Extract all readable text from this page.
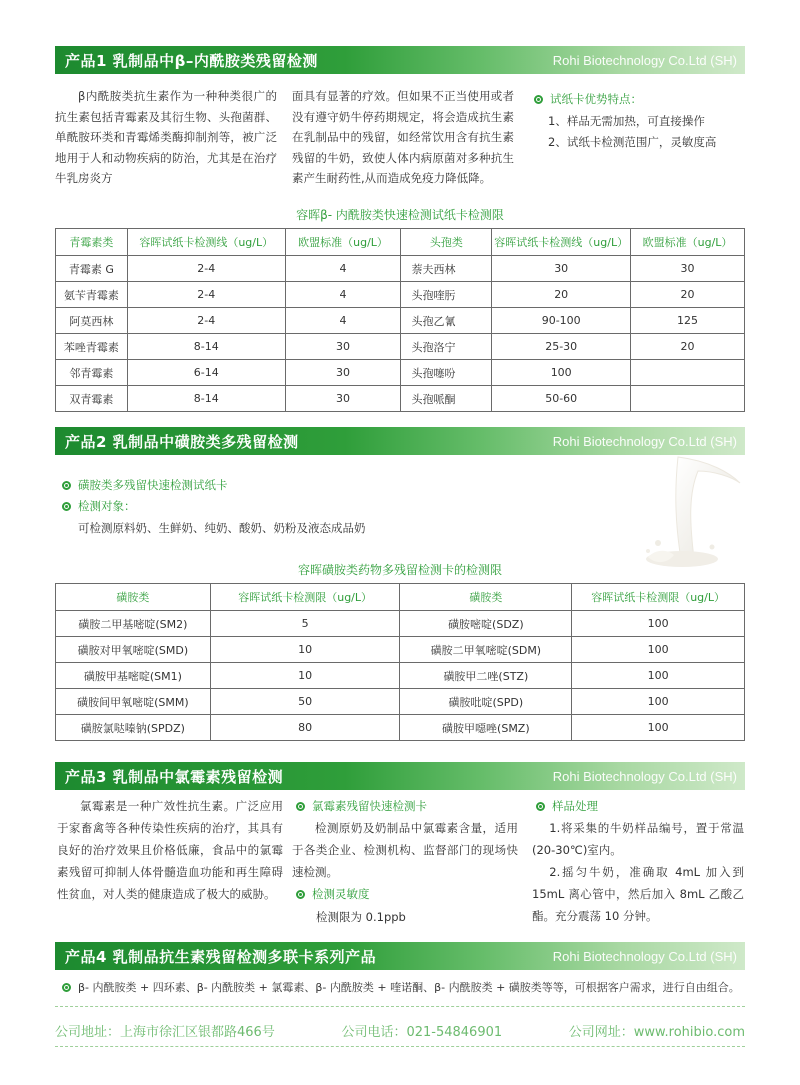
产品1 乳制品中β–内酰胺类残留检测	Rohi Biotechnology Co.Ltd (SH)
β内酰胺类抗生素作为一种种类很广的抗生素包括青霉素及其衍生物、头孢菌群、单酰胺环类和青霉烯类酶抑制剂等，被广泛地用于人和动物疾病的防治，尤其是在治疗牛乳房炎方
面具有显著的疗效。但如果不正当使用或者没有遵守奶牛停药期规定，将会造成抗生素在乳制品中的残留，如经常饮用含有抗生素残留的牛奶，致使人体内病原菌对多种抗生素产生耐药性,从而造成免疫力降低降。
试纸卡优势特点：
1、样品无需加热，可直接操作
2、试纸卡检测范围广，灵敏度高
容晖β- 内酰胺类快速检测试纸卡检测限
青霉素类	容晖试纸卡检测线（ug/L）	欧盟标准（ug/L）	头孢类	容晖试纸卡检测线（ug/L）	欧盟标准（ug/L）
青霉素 G	2-4	4	萘夫西林	30	30
氨苄青霉素	2-4	4	头孢喹肟	20	20
阿莫西林	2-4	4	头孢乙氰	90-100	125
苯唑青霉素	8-14	30	头孢洛宁	25-30	20
邻青霉素	6-14	30	头孢噻吩	100	
双青霉素	8-14	30	头孢哌酮	50-60	
产品2 乳制品中磺胺类多残留检测	Rohi Biotechnology Co.Ltd (SH)
磺胺类多残留快速检测试纸卡
检测对象：
可检测原料奶、生鲜奶、纯奶、酸奶、奶粉及液态成品奶
容晖磺胺类药物多残留检测卡的检测限
磺胺类	容晖试纸卡检测限（ug/L）	磺胺类	容晖试纸卡检测限（ug/L）
磺胺二甲基嘧啶(SM2)	5	磺胺嘧啶(SDZ)	100
磺胺对甲氧嘧啶(SMD)	10	磺胺二甲氧嘧啶(SDM)	100
磺胺甲基嘧啶(SM1)	10	磺胺甲二唑(STZ)	100
磺胺间甲氧嘧啶(SMM)	50	磺胺吡啶(SPD)	100
磺胺氯哒嗪钠(SPDZ)	80	磺胺甲噁唑(SMZ)	100
产品3 乳制品中氯霉素残留检测	Rohi Biotechnology Co.Ltd (SH)
氯霉素是一种广效性抗生素。广泛应用于家畜禽等各种传染性疾病的治疗，其具有良好的治疗效果且价格低廉，食品中的氯霉素残留可抑制人体骨髓造血功能和再生障碍性贫血，对人类的健康造成了极大的威胁。
氯霉素残留快速检测卡
检测原奶及奶制品中氯霉素含量，适用于各类企业、检测机构、监督部门的现场快速检测。
检测灵敏度
检测限为 0.1ppb
样品处理
1.将采集的牛奶样品编号，置于常温(20-30℃)室内。
2.摇匀牛奶，准确取 4mL 加入到 15mL 离心管中，然后加入 8mL 乙酸乙酯。充分震荡 10 分钟。
产品4 乳制品抗生素残留检测多联卡系列产品	Rohi Biotechnology Co.Ltd (SH)
β- 内酰胺类 + 四环素、β- 内酰胺类 + 氯霉素、β- 内酰胺类 + 喹诺酮、β- 内酰胺类 + 磺胺类等等，可根据客户需求，进行自由组合。
公司地址：上海市徐汇区银都路466号	公司电话：021-54846901	公司网址：www.rohibio.com
